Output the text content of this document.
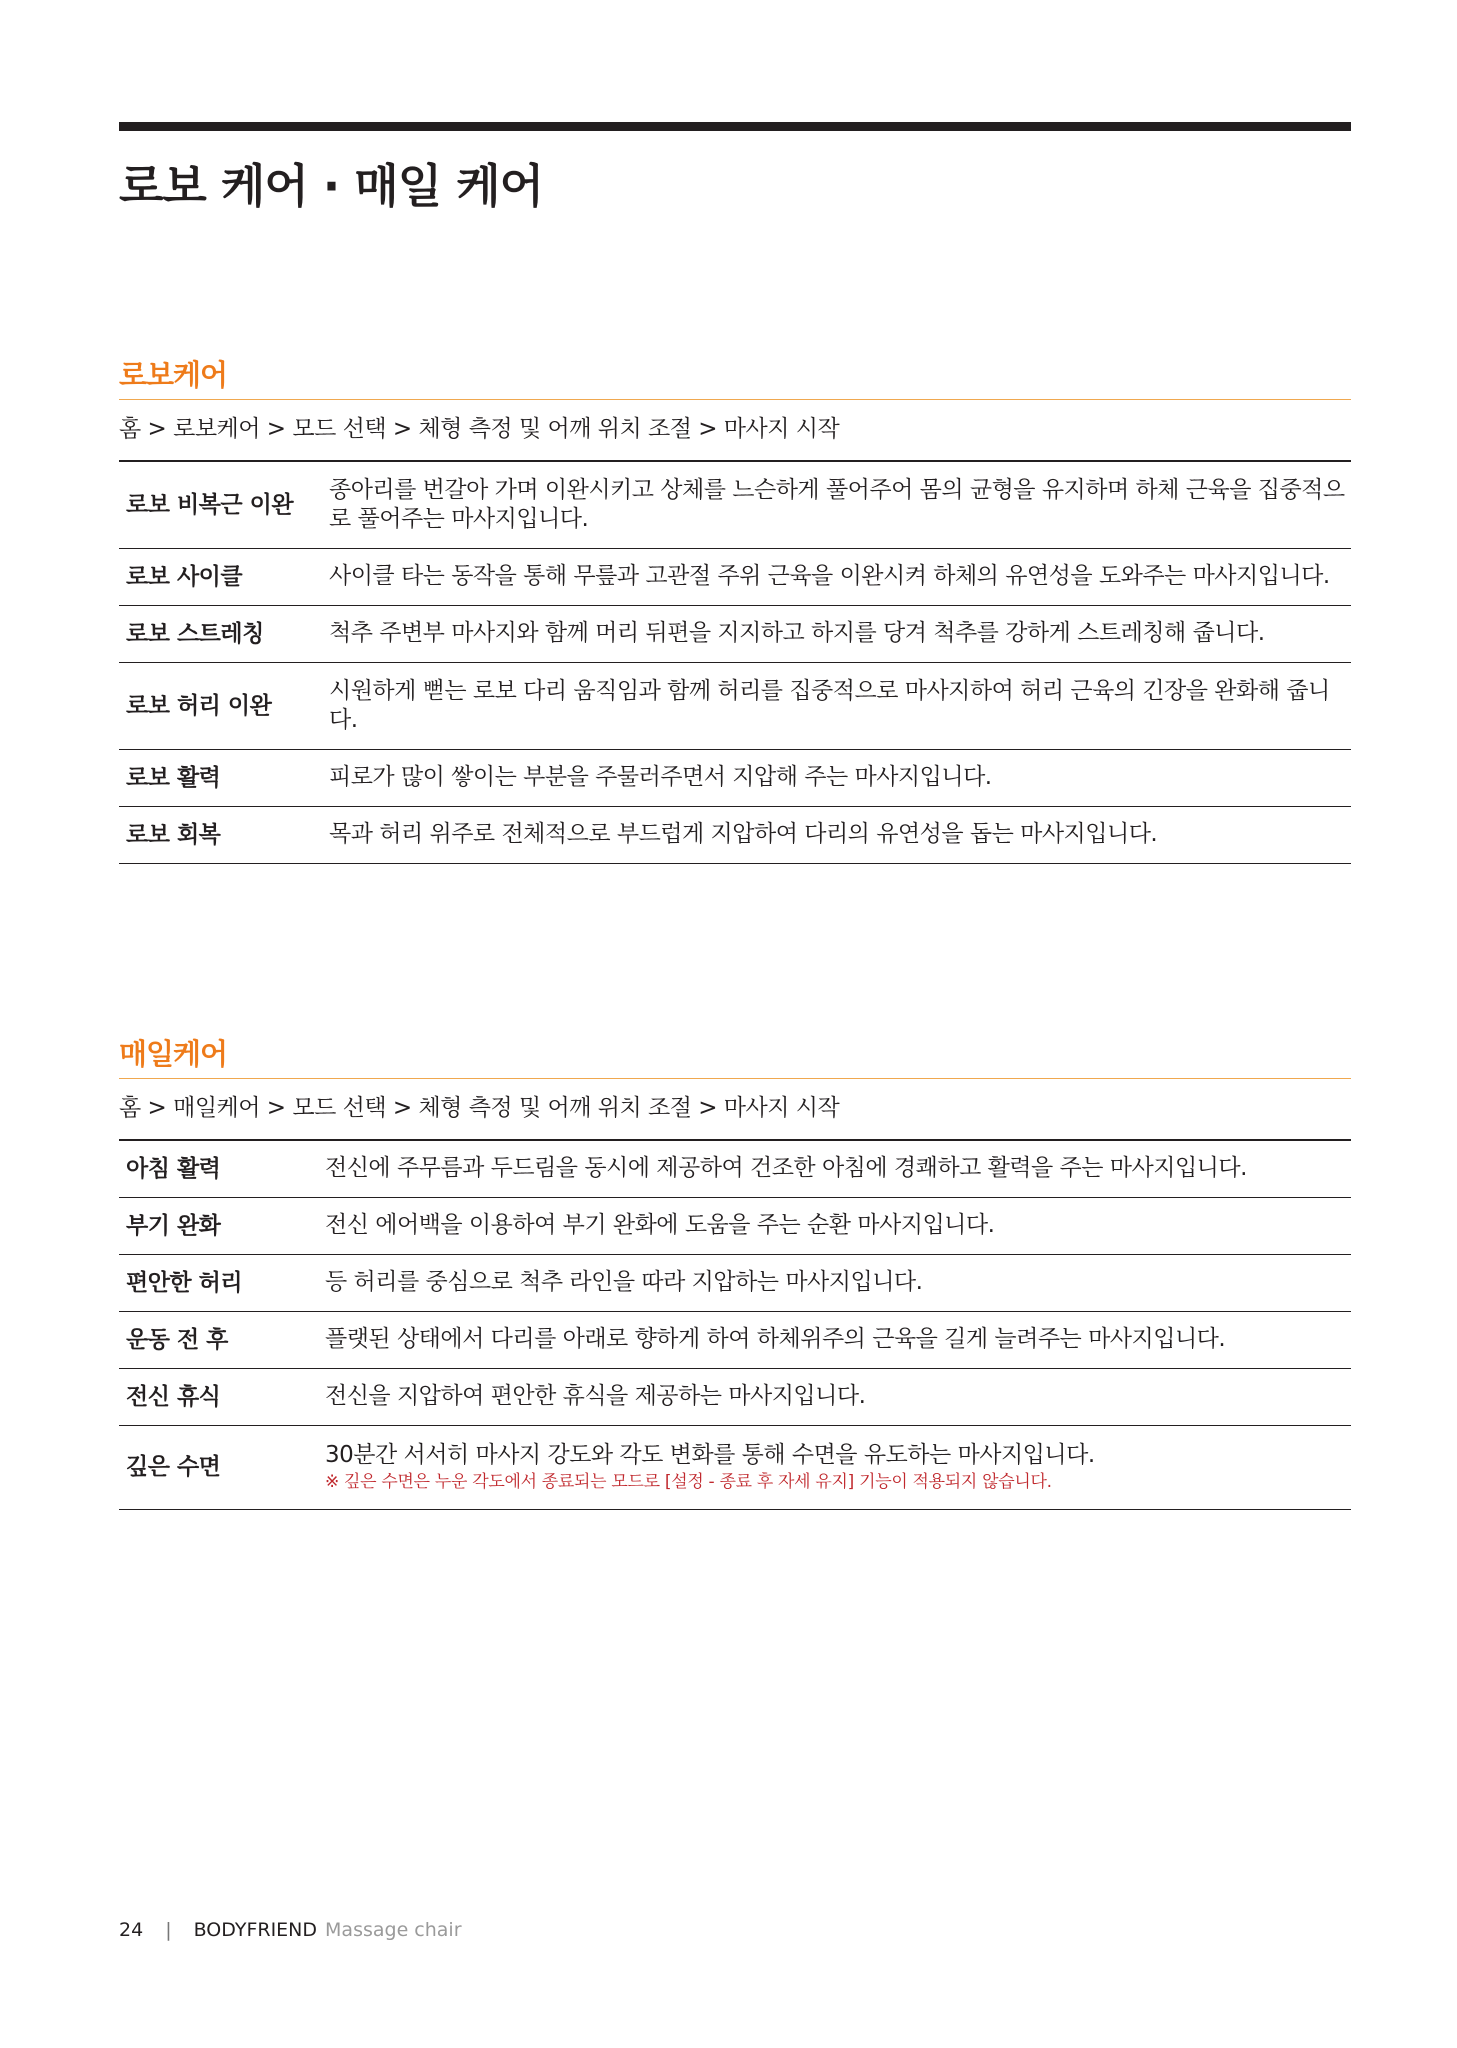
로보 케어 · 매일 케어
로보케어

홈 > 로보케어 > 모드 선택 > 체형 측정 및 어깨 위치 조절 > 마사지 시작

로보 비복근 이완	종아리를 번갈아 가며 이완시키고 상체를 느슨하게 풀어주어 몸의 균형을 유지하며 하체 근육을 집중적으로 풀어주는 마사지입니다.
로보 사이클	사이클 타는 동작을 통해 무릎과 고관절 주위 근육을 이완시켜 하체의 유연성을 도와주는 마사지입니다.
로보 스트레칭	척추 주변부 마사지와 함께 머리 뒤편을 지지하고 하지를 당겨 척추를 강하게 스트레칭해 줍니다.
로보 허리 이완	시원하게 뻗는 로보 다리 움직임과 함께 허리를 집중적으로 마사지하여 허리 근육의 긴장을 완화해 줍니다.
로보 활력	피로가 많이 쌓이는 부분을 주물러주면서 지압해 주는 마사지입니다.
로보 회복	목과 허리 위주로 전체적으로 부드럽게 지압하여 다리의 유연성을 돕는 마사지입니다.
매일케어

홈 > 매일케어 > 모드 선택 > 체형 측정 및 어깨 위치 조절 > 마사지 시작

아침 활력	전신에 주무름과 두드림을 동시에 제공하여 건조한 아침에 경쾌하고 활력을 주는 마사지입니다.
부기 완화	전신 에어백을 이용하여 부기 완화에 도움을 주는 순환 마사지입니다.
편안한 허리	등 허리를 중심으로 척추 라인을 따라 지압하는 마사지입니다.
운동 전 후	플랫된 상태에서 다리를 아래로 향하게 하여 하체위주의 근육을 길게 늘려주는 마사지입니다.
전신 휴식	전신을 지압하여 편안한 휴식을 제공하는 마사지입니다.
깊은 수면	30분간 서서히 마사지 강도와 각도 변화를 통해 수면을 유도하는 마사지입니다.
※ 깊은 수면은 누운 각도에서 종료되는 모드로 [설정 - 종료 후 자세 유지] 기능이 적용되지 않습니다.
24 | BODYFRIEND Massage chair
